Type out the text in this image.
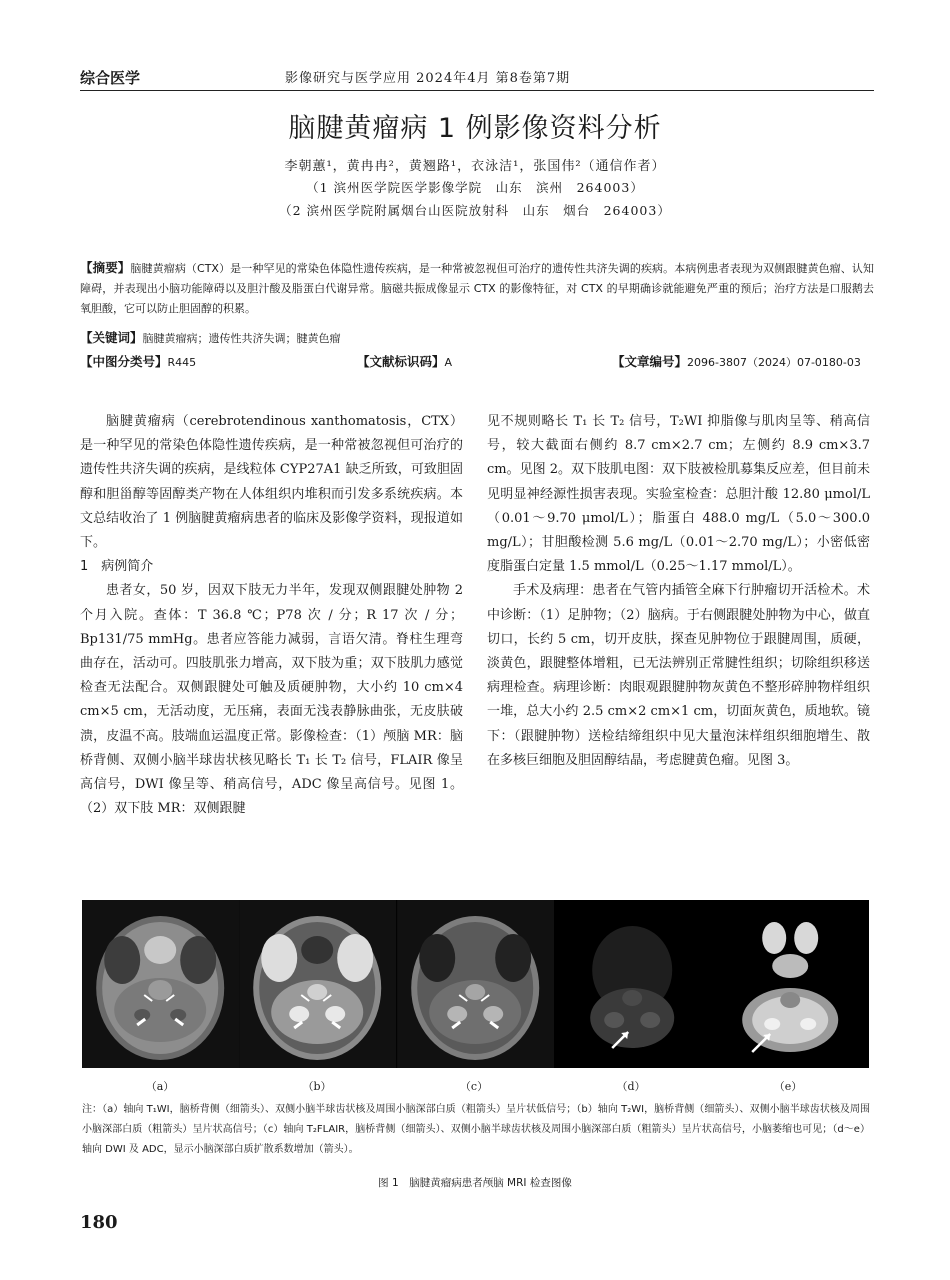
综合医学	影像研究与医学应用 2024年4月 第8卷第7期
脑腱黄瘤病 1 例影像资料分析
李朝蕙¹，黄冉冉²，黄翘路¹，衣泳洁¹，张国伟²（通信作者）
（1 滨州医学院医学影像学院　山东　滨州　264003）
（2 滨州医学院附属烟台山医院放射科　山东　烟台　264003）
【摘要】脑腱黄瘤病（CTX）是一种罕见的常染色体隐性遗传疾病，是一种常被忽视但可治疗的遗传性共济失调的疾病。本病例患者表现为双侧跟腱黄色瘤、认知障碍，并表现出小脑功能障碍以及胆汁酸及脂蛋白代谢异常。脑磁共振成像显示 CTX 的影像特征，对 CTX 的早期确诊就能避免严重的预后；治疗方法是口服鹅去氧胆酸，它可以防止胆固醇的积累。
【关键词】脑腱黄瘤病；遗传性共济失调；腱黄色瘤
【中图分类号】R445	【文献标识码】A	【文章编号】2096-3807（2024）07-0180-03

脑腱黄瘤病（cerebrotendinous xanthomatosis，CTX）是一种罕见的常染色体隐性遗传疾病，是一种常被忽视但可治疗的遗传性共济失调的疾病，是线粒体 CYP27A1 缺乏所致，可致胆固醇和胆甾醇等固醇类产物在人体组织内堆积而引发多系统疾病。本文总结收治了 1 例脑腱黄瘤病患者的临床及影像学资料，现报道如下。

1　病例简介

患者女，50 岁，因双下肢无力半年，发现双侧跟腱处肿物 2 个月入院。查体：T 36.8 ℃；P78 次 / 分；R 17 次 / 分；Bp131/75 mmHg。患者应答能力减弱，言语欠清。脊柱生理弯曲存在，活动可。四肢肌张力增高，双下肢为重；双下肢肌力感觉检查无法配合。双侧跟腱处可触及质硬肿物，大小约 10 cm×4 cm×5 cm，无活动度，无压痛，表面无浅表静脉曲张，无皮肤破溃，皮温不高。肢端血运温度正常。影像检查：（1）颅脑 MR：脑桥背侧、双侧小脑半球齿状核见略长 T₁ 长 T₂ 信号，FLAIR 像呈高信号，DWI 像呈等、稍高信号，ADC 像呈高信号。见图 1。（2）双下肢 MR：双侧跟腱

见不规则略长 T₁ 长 T₂ 信号，T₂WI 抑脂像与肌肉呈等、稍高信号，较大截面右侧约 8.7 cm×2.7 cm；左侧约 8.9 cm×3.7 cm。见图 2。双下肢肌电图：双下肢被检肌募集反应差，但目前未见明显神经源性损害表现。实验室检查：总胆汁酸 12.80 μmol/L（0.01～9.70 μmol/L）；脂蛋白 488.0 mg/L（5.0～300.0 mg/L）；甘胆酸检测 5.6 mg/L（0.01～2.70 mg/L）；小密低密度脂蛋白定量 1.5 mmol/L（0.25～1.17 mmol/L）。

手术及病理：患者在气管内插管全麻下行肿瘤切开活检术。术中诊断：（1）足肿物；（2）脑病。于右侧跟腱处肿物为中心，做直切口，长约 5 cm，切开皮肤，探查见肿物位于跟腱周围，质硬，淡黄色，跟腱整体增粗，已无法辨别正常腱性组织；切除组织移送病理检查。病理诊断：肉眼观跟腱肿物灰黄色不整形碎肿物样组织一堆，总大小约 2.5 cm×2 cm×1 cm，切面灰黄色，质地软。镜下：（跟腱肿物）送检结缔组织中见大量泡沫样组织细胞增生、散在多核巨细胞及胆固醇结晶，考虑腱黄色瘤。见图 3。

（a）	（b）	（c）	（d）	（e）
注：（a）轴向 T₁WI，脑桥背侧（细箭头）、双侧小脑半球齿状核及周围小脑深部白质（粗箭头）呈片状低信号；（b）轴向 T₂WI，脑桥背侧（细箭头）、双侧小脑半球齿状核及周围小脑深部白质（粗箭头）呈片状高信号；（c）轴向 T₂FLAIR，脑桥背侧（细箭头）、双侧小脑半球齿状核及周围小脑深部白质（粗箭头）呈片状高信号，小脑萎缩也可见；（d～e）轴向 DWI 及 ADC，显示小脑深部白质扩散系数增加（箭头）。
图 1　脑腱黄瘤病患者颅脑 MRI 检查图像
180
